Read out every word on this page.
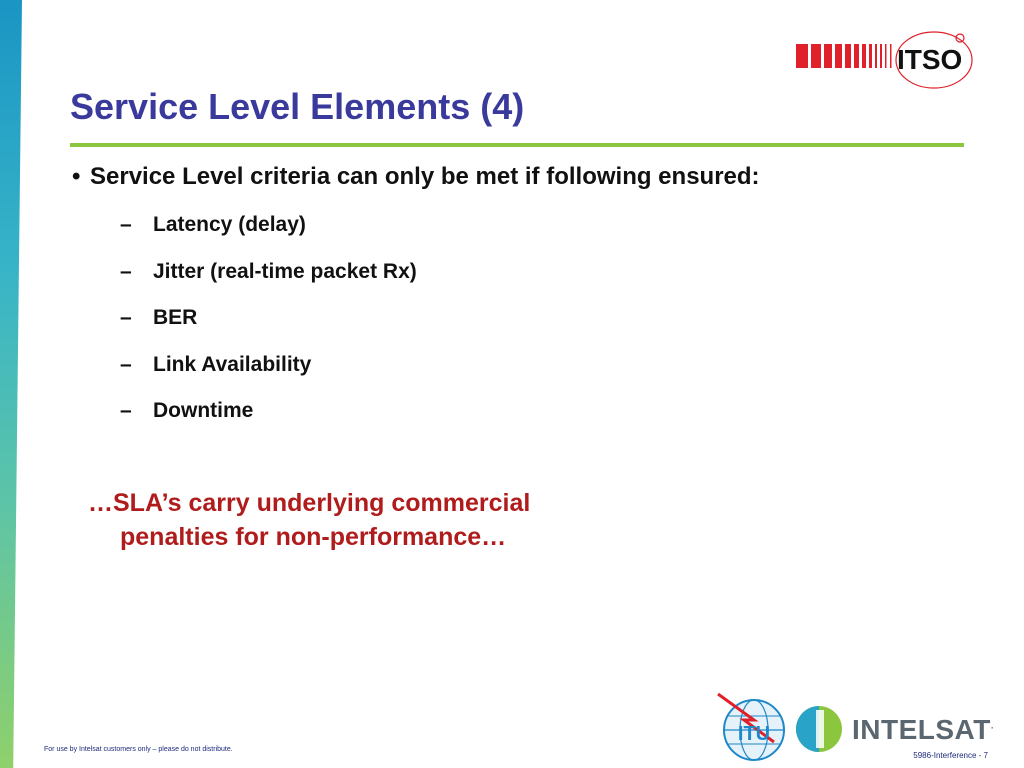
ITSO
Service Level Elements (4)
• Service Level criteria can only be met if following ensured:
– Latency (delay)
– Jitter (real-time packet Rx)
– BER
– Link Availability
– Downtime
…SLA’s carry underlying commercial
penalties for non-performance…
For use by Intelsat customers only – please do not distribute.
ITU	INTELSAT.
5986-Interference - 7
